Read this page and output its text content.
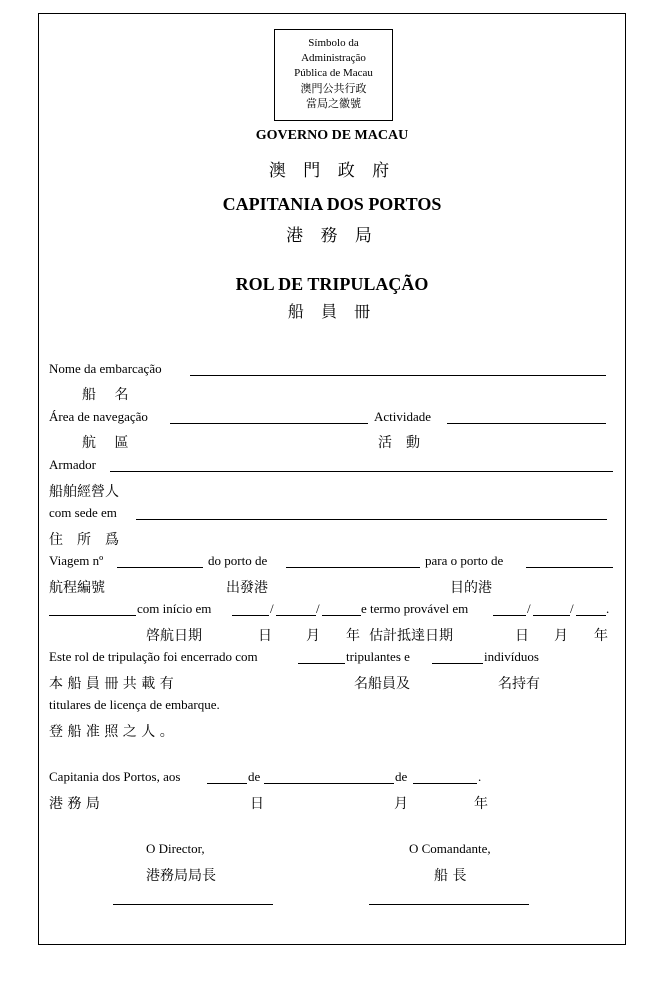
Símbolo da
Administração
Pública de Macau
澳門公共行政
當局之徽號
GOVERNO DE MACAU
澳 門 政 府
CAPITANIA DOS PORTOS
港 務 局
ROL DE TRIPULAÇÃO
船 員 冊
Nome da embarcação
船　 名
Área de navegação	Actividade
航　 區	活　動
Armador
船舶經營人
com sede em
住　所　爲
Viagem nº	do porto de	para o porto de
航程編號	出發港	目的港
com início em	/	/	e termo provável em	/	/ .
啓航日期	日 月 年 估計抵達日期	日 月 年
Este rol de tripulação foi encerrado com	tripulantes e	indivíduos
本 船 員 冊 共 載 有	名船員及	名持有
titulares de licença de embarque.
登 船 准 照 之 人 。
Capitania dos Portos, aos	de	de	.
港 務 局	日	月	年
O Director,	O Comandante,
港務局局長	船 長
